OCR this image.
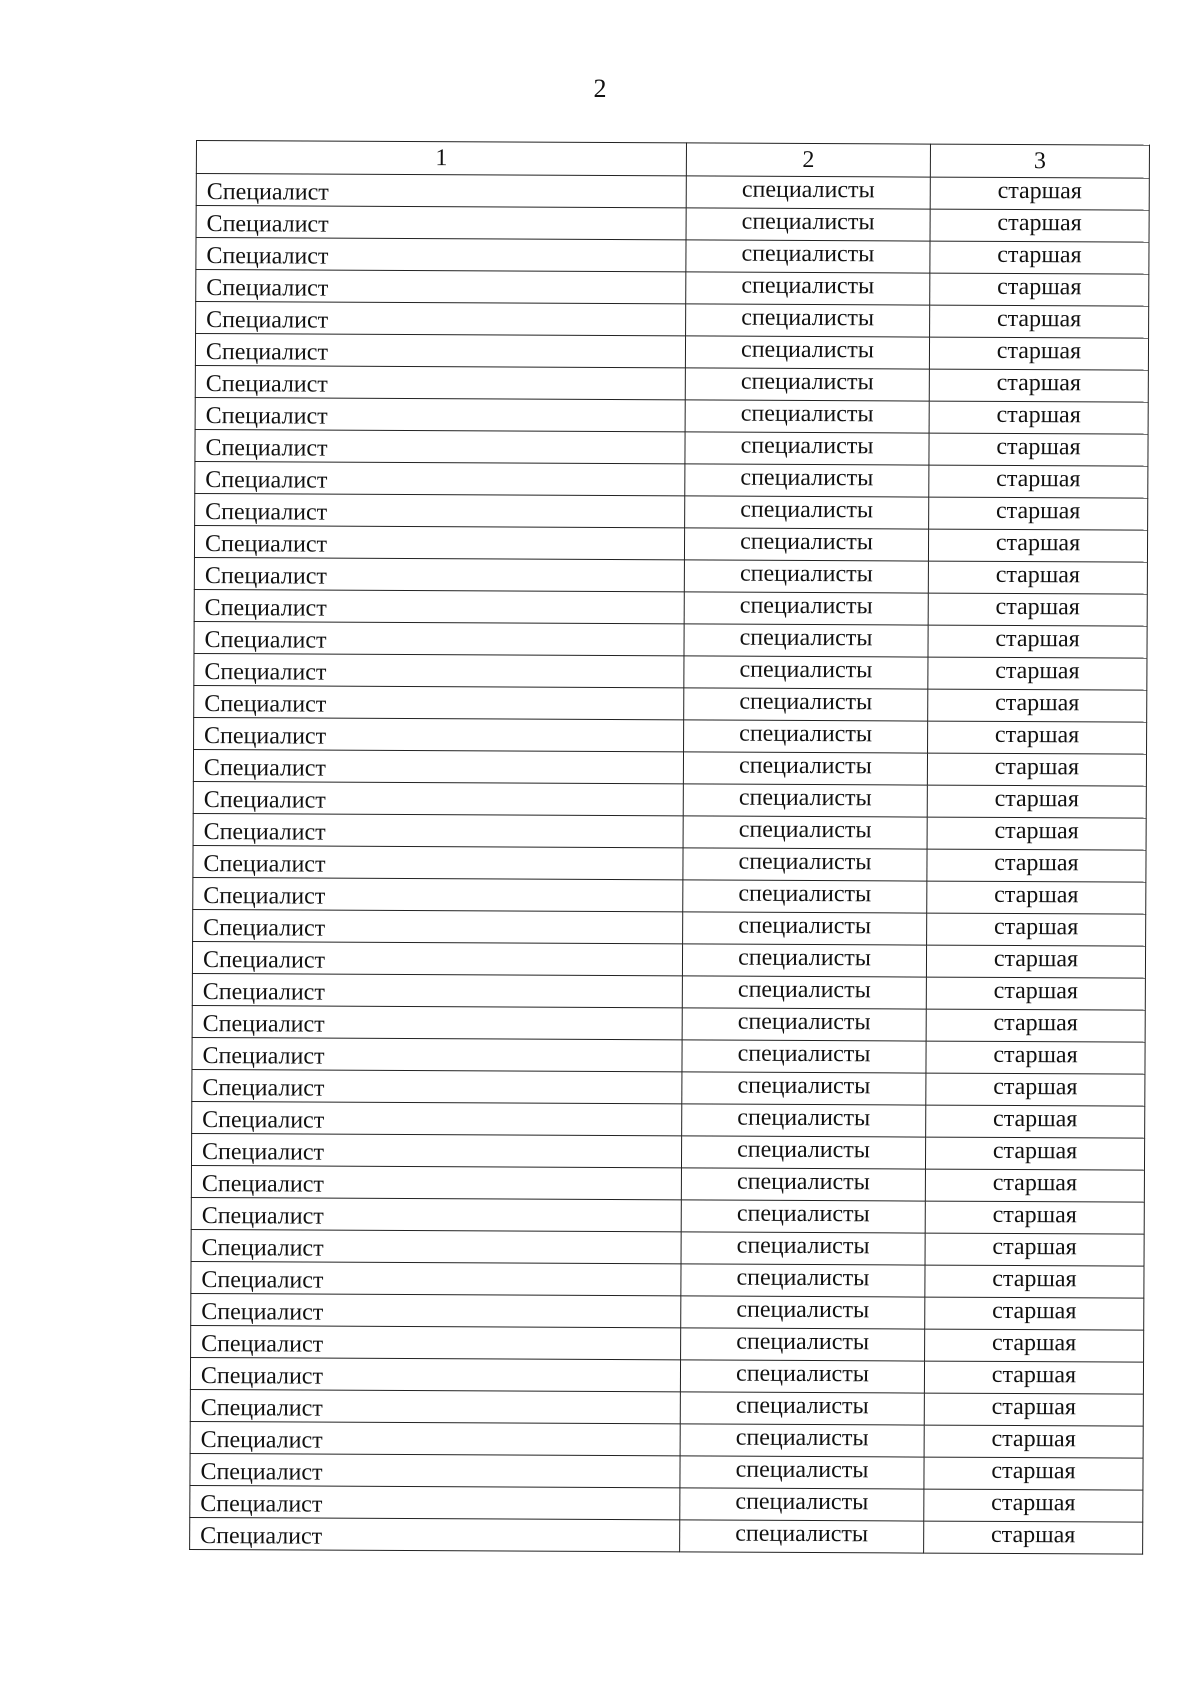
2
1	2	3
Специалист	специалисты	старшая
Специалист	специалисты	старшая
Специалист	специалисты	старшая
Специалист	специалисты	старшая
Специалист	специалисты	старшая
Специалист	специалисты	старшая
Специалист	специалисты	старшая
Специалист	специалисты	старшая
Специалист	специалисты	старшая
Специалист	специалисты	старшая
Специалист	специалисты	старшая
Специалист	специалисты	старшая
Специалист	специалисты	старшая
Специалист	специалисты	старшая
Специалист	специалисты	старшая
Специалист	специалисты	старшая
Специалист	специалисты	старшая
Специалист	специалисты	старшая
Специалист	специалисты	старшая
Специалист	специалисты	старшая
Специалист	специалисты	старшая
Специалист	специалисты	старшая
Специалист	специалисты	старшая
Специалист	специалисты	старшая
Специалист	специалисты	старшая
Специалист	специалисты	старшая
Специалист	специалисты	старшая
Специалист	специалисты	старшая
Специалист	специалисты	старшая
Специалист	специалисты	старшая
Специалист	специалисты	старшая
Специалист	специалисты	старшая
Специалист	специалисты	старшая
Специалист	специалисты	старшая
Специалист	специалисты	старшая
Специалист	специалисты	старшая
Специалист	специалисты	старшая
Специалист	специалисты	старшая
Специалист	специалисты	старшая
Специалист	специалисты	старшая
Специалист	специалисты	старшая
Специалист	специалисты	старшая
Специалист	специалисты	старшая
